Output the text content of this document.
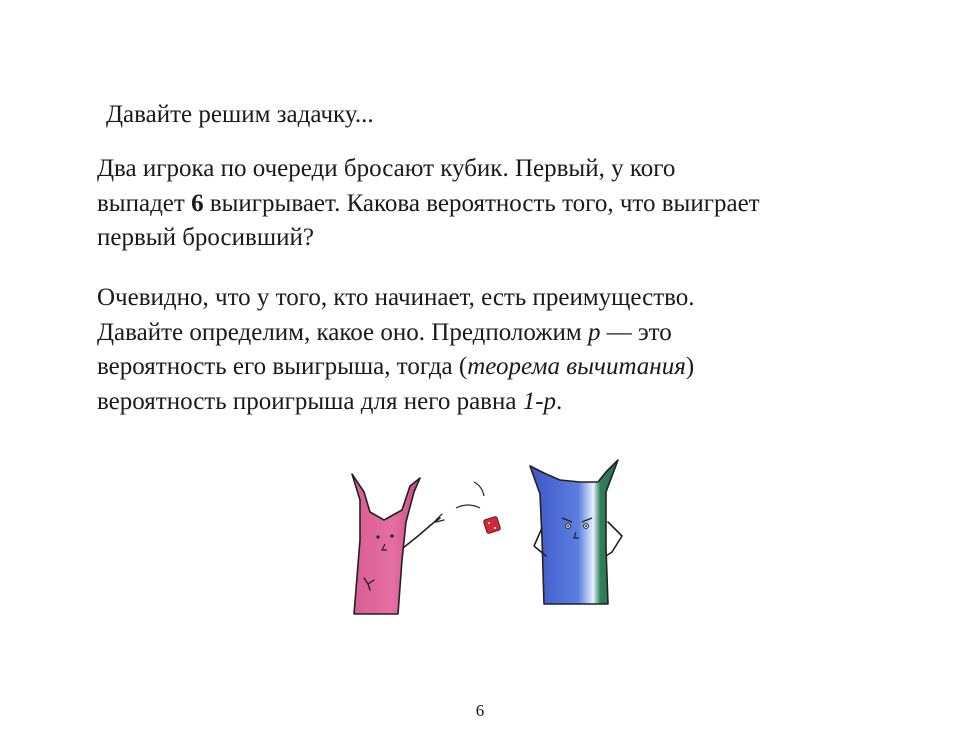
Давайте решим задачку...
Два игрока по очереди бросают кубик. Первый, у кого
выпадет 6 выигрывает. Какова вероятность того, что выиграет
первый бросивший?
Очевидно, что у того, кто начинает, есть преимущество.
Давайте определим, какое оно. Предположим p — это
вероятность его выигрыша, тогда (теорема вычитания)
вероятность проигрыша для него равна 1-p.
6
